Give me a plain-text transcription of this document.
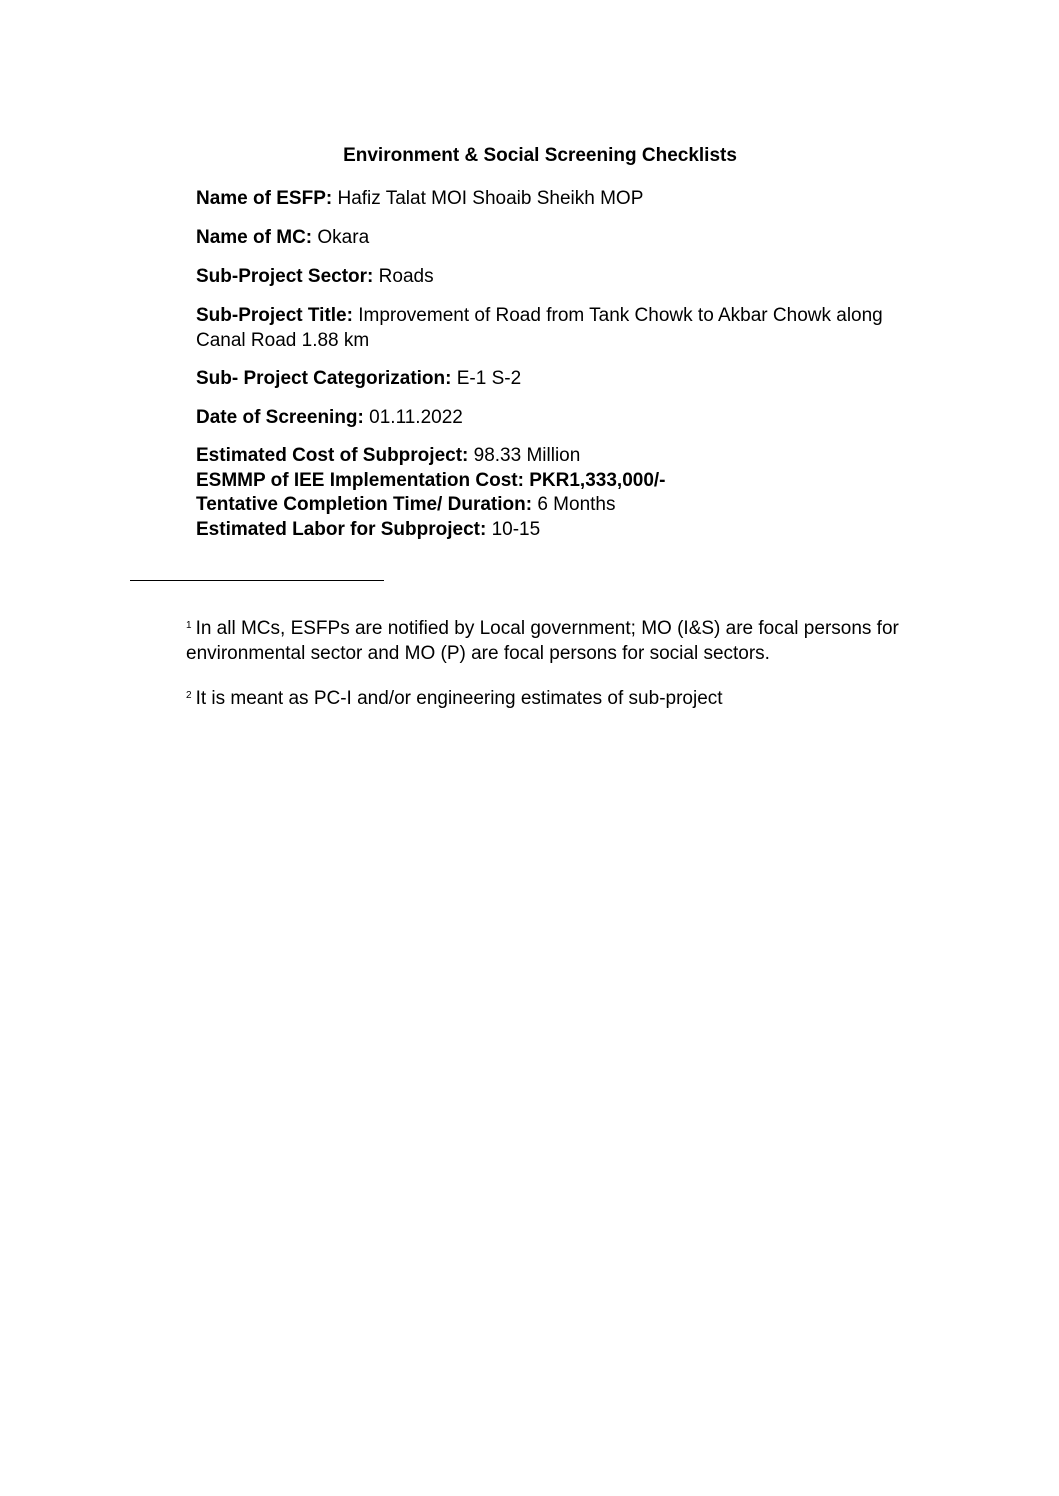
Environment & Social Screening Checklists
Name of ESFP: Hafiz Talat MOI Shoaib Sheikh MOP
Name of MC: Okara
Sub-Project Sector: Roads
Sub-Project Title: Improvement of Road from Tank Chowk to Akbar Chowk along Canal Road 1.88 km
Sub- Project Categorization: E-1 S-2
Date of Screening: 01.11.2022
Estimated Cost of Subproject: 98.33 Million
ESMMP of IEE Implementation Cost: PKR1,333,000/-
Tentative Completion Time/ Duration: 6 Months
Estimated Labor for Subproject: 10-15
$^1$ In all MCs, ESFPs are notified by Local government; MO (I&S) are focal persons for environmental sector and MO (P) are focal persons for social sectors.
$^2$ It is meant as PC-I and/or engineering estimates of sub-project
